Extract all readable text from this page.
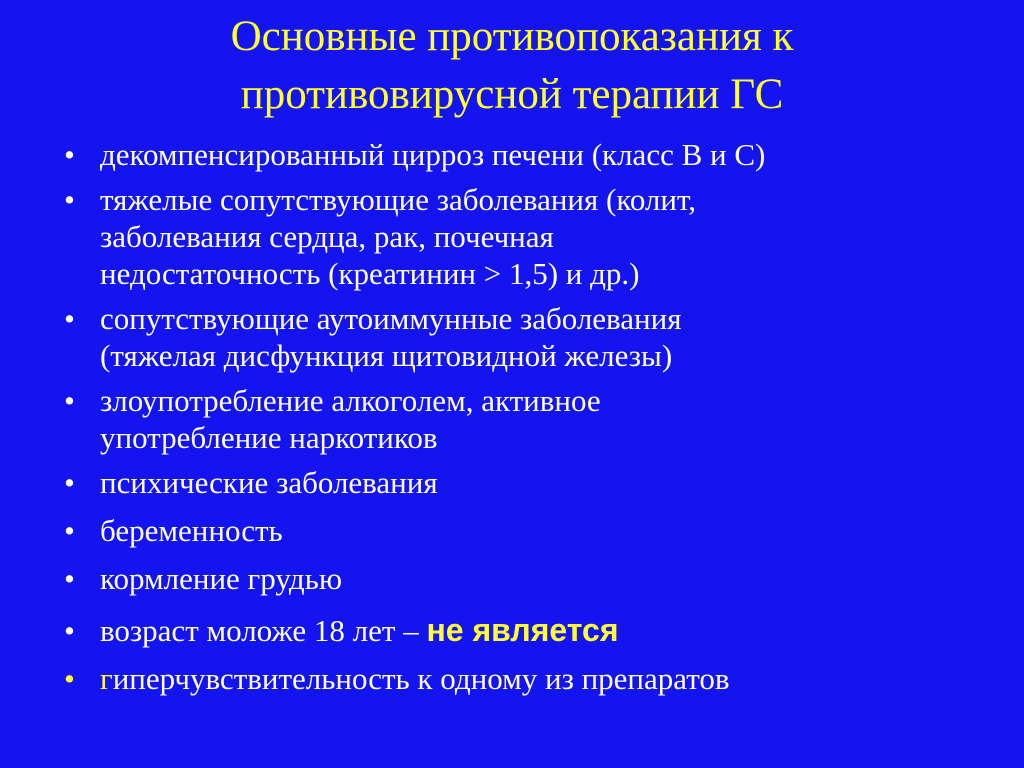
Основные противопоказания к
противовирусной терапии ГС
• декомпенсированный цирроз печени (класс В и С)
• тяжелые сопутствующие заболевания (колит,
заболевания сердца, рак, почечная
недостаточность (креатинин > 1,5) и др.)
• сопутствующие аутоиммунные заболевания
(тяжелая дисфункция щитовидной железы)
• злоупотребление алкоголем, активное
употребление наркотиков
• психические заболевания
• беременность
• кормление грудью
• возраст моложе 18 лет – не является
• гиперчувствительность к одному из препаратов
